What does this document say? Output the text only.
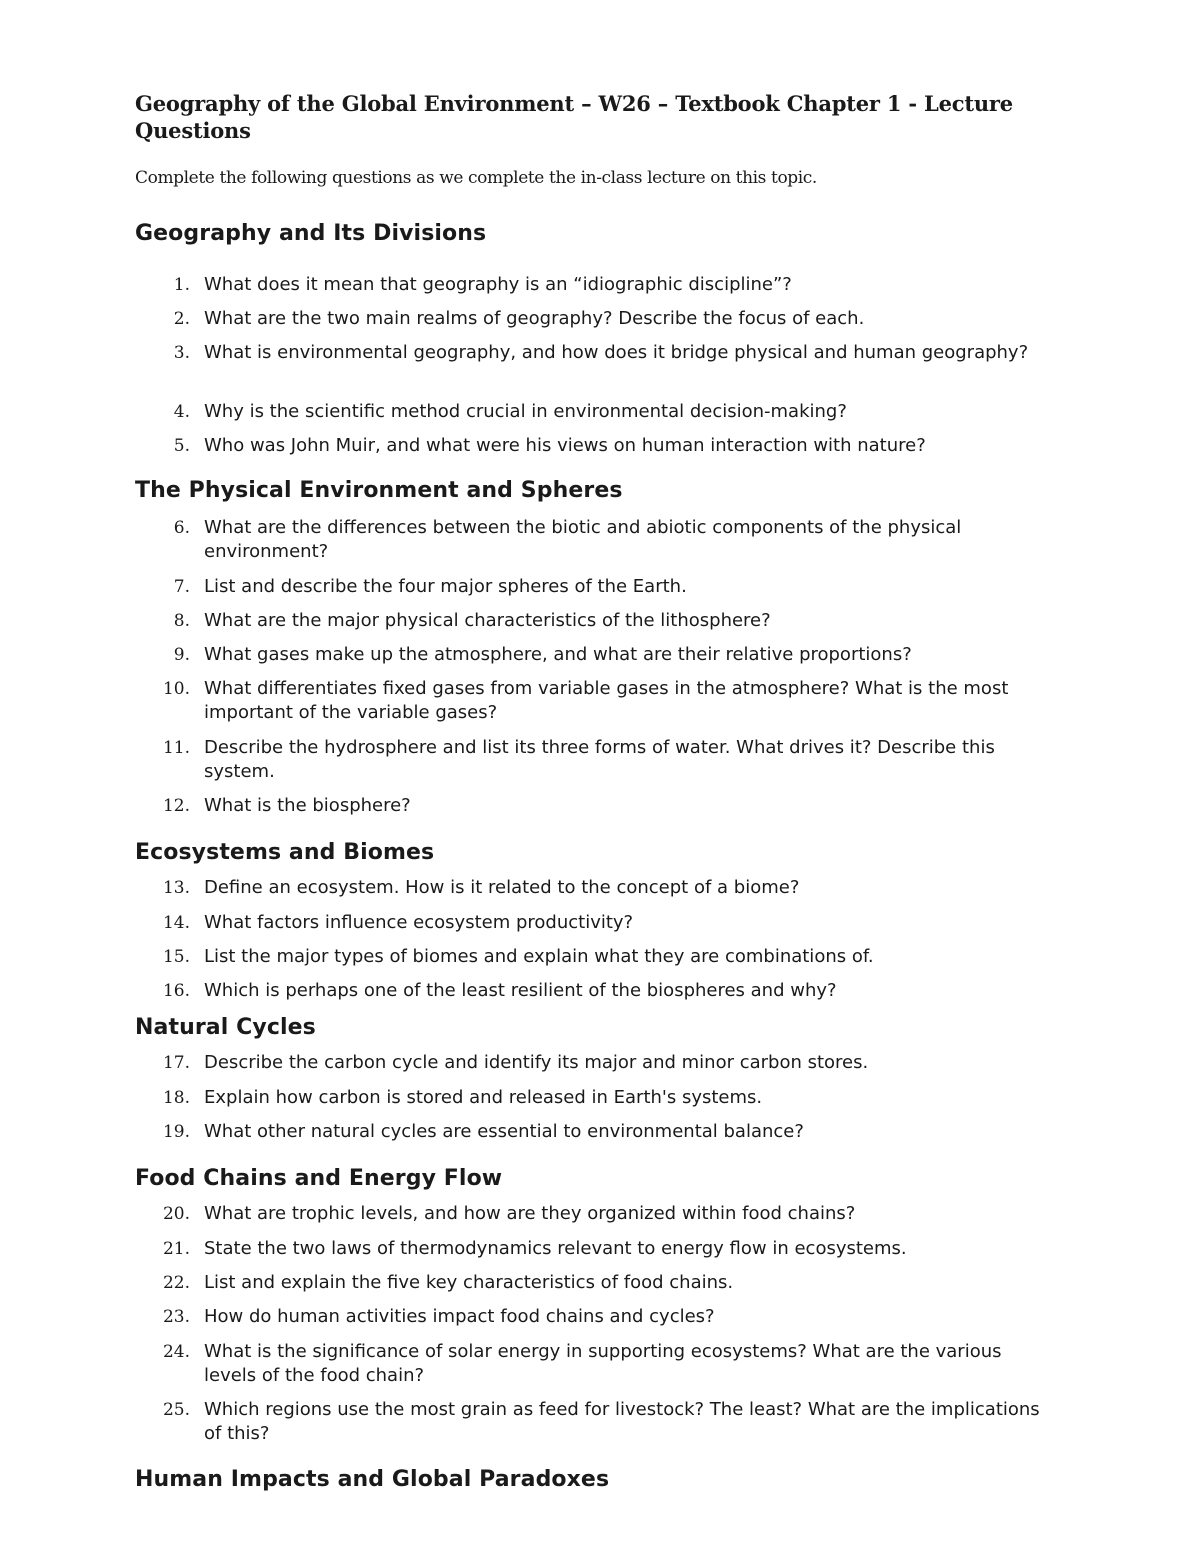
Geography of the Global Environment – W26 – Textbook Chapter 1 - Lecture Questions

Complete the following questions as we complete the in-class lecture on this topic.

Geography and Its Divisions
1. What does it mean that geography is an “idiographic discipline”?
2. What are the two main realms of geography? Describe the focus of each.
3. What is environmental geography, and how does it bridge physical and human geography?
4. Why is the scientific method crucial in environmental decision-making?
5. Who was John Muir, and what were his views on human interaction with nature?
The Physical Environment and Spheres
6. What are the differences between the biotic and abiotic components of the physical environment?
7. List and describe the four major spheres of the Earth.
8. What are the major physical characteristics of the lithosphere?
9. What gases make up the atmosphere, and what are their relative proportions?
10. What differentiates fixed gases from variable gases in the atmosphere? What is the most important of the variable gases?
11. Describe the hydrosphere and list its three forms of water. What drives it? Describe this system.
12. What is the biosphere?
Ecosystems and Biomes
13. Define an ecosystem. How is it related to the concept of a biome?
14. What factors influence ecosystem productivity?
15. List the major types of biomes and explain what they are combinations of.
16. Which is perhaps one of the least resilient of the biospheres and why?
Natural Cycles
17. Describe the carbon cycle and identify its major and minor carbon stores.
18. Explain how carbon is stored and released in Earth's systems.
19. What other natural cycles are essential to environmental balance?
Food Chains and Energy Flow
20. What are trophic levels, and how are they organized within food chains?
21. State the two laws of thermodynamics relevant to energy flow in ecosystems.
22. List and explain the five key characteristics of food chains.
23. How do human activities impact food chains and cycles?
24. What is the significance of solar energy in supporting ecosystems? What are the various levels of the food chain?
25. Which regions use the most grain as feed for livestock? The least? What are the implications of this?
Human Impacts and Global Paradoxes
